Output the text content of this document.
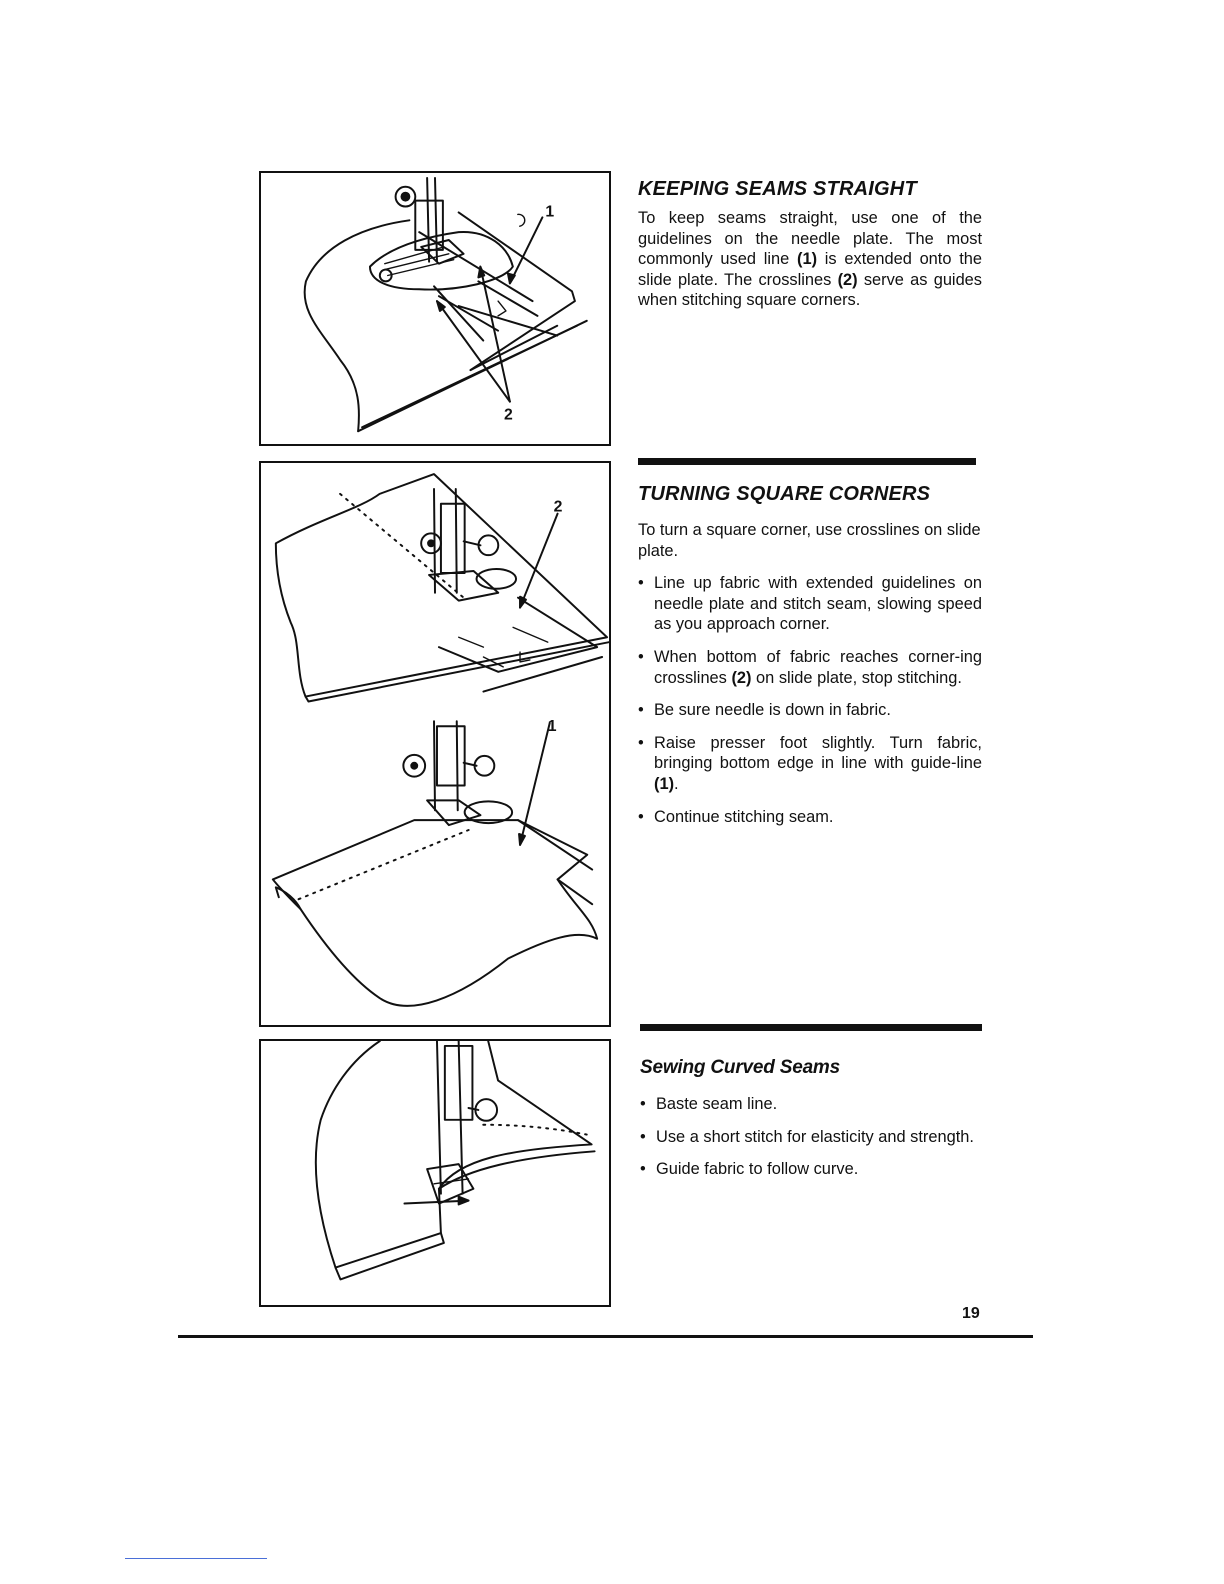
1
2
2
1
KEEPING SEAMS STRAIGHT

To keep seams straight, use one of the guidelines on the needle plate. The most commonly used line (1) is extended onto the slide plate. The crosslines (2) serve as guides when stitching square corners.

TURNING SQUARE CORNERS

To turn a square corner, use crosslines on slide plate.

• Line up fabric with extended guidelines on needle plate and stitch seam, slowing speed as you approach corner.
• When bottom of fabric reaches corner-ing crosslines (2) on slide plate, stop stitching.
• Be sure needle is down in fabric.
• Raise presser foot slightly. Turn fabric, bringing bottom edge in line with guide-line (1).
• Continue stitching seam.
Sewing Curved Seams
• Baste seam line.
• Use a short stitch for elasticity and strength.
• Guide fabric to follow curve.
19
